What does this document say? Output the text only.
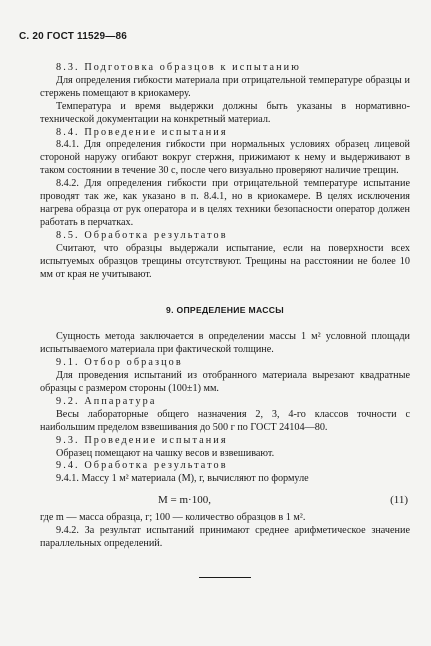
С. 20 ГОСТ 11529—86

8.3. Подготовка образцов к испытанию

Для определения гибкости материала при отрицательной температуре образцы и стержень помещают в криокамеру.

Температура и время выдержки должны быть указаны в нормативно-технической документации на конкретный материал.

8.4. Проведение испытания

8.4.1. Для определения гибкости при нормальных условиях образец лицевой стороной наружу огибают вокруг стержня, прижимают к нему и выдерживают в таком состоянии в течение 30 с, после чего визуально проверяют наличие трещин.

8.4.2. Для определения гибкости при отрицательной температуре испытание проводят так же, как указано в п. 8.4.1, но в криокамере. В целях исключения нагрева образца от рук оператора и в целях техники безопасности оператор должен работать в перчатках.

8.5. Обработка результатов

Считают, что образцы выдержали испытание, если на поверхности всех испытуемых образцов трещины отсутствуют. Трещины на расстоянии не более 10 мм от края не учитывают.

9. ОПРЕДЕЛЕНИЕ МАССЫ

Сущность метода заключается в определении массы 1 м² условной площади испытываемого материала при фактической толщине.

9.1. Отбор образцов

Для проведения испытаний из отобранного материала вырезают квадратные образцы с размером стороны (100±1) мм.

9.2. Аппаратура

Весы лабораторные общего назначения 2, 3, 4-го классов точности с наибольшим пределом взвешивания до 500 г по ГОСТ 24104—80.

9.3. Проведение испытания

Образец помещают на чашку весов и взвешивают.

9.4. Обработка результатов

9.4.1. Массу 1 м² материала (M), г, вычисляют по формуле

M = m·100,	(11)

где m — масса образца, г; 100 — количество образцов в 1 м².

9.4.2. За результат испытаний принимают среднее арифметическое значение параллельных определений.
